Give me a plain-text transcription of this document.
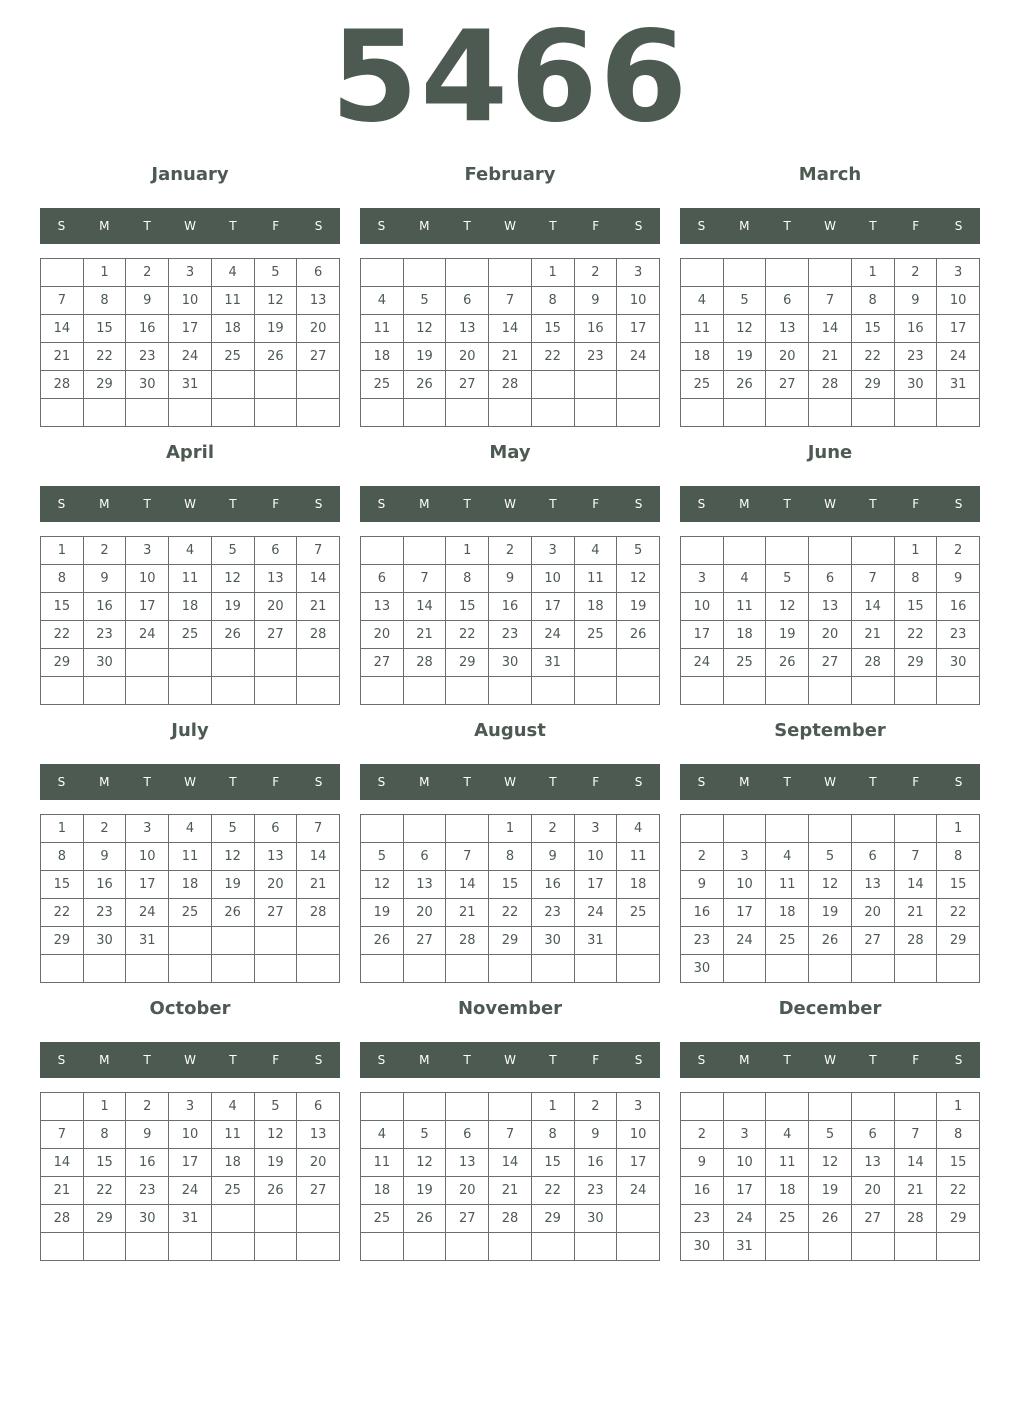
5466
January
S	M	T	W	T	F	S
	1	2	3	4	5	6
7	8	9	10	11	12	13
14	15	16	17	18	19	20
21	22	23	24	25	26	27
28	29	30	31			

February
S	M	T	W	T	F	S
				1	2	3
4	5	6	7	8	9	10
11	12	13	14	15	16	17
18	19	20	21	22	23	24
25	26	27	28			

March
S	M	T	W	T	F	S
				1	2	3
4	5	6	7	8	9	10
11	12	13	14	15	16	17
18	19	20	21	22	23	24
25	26	27	28	29	30	31

April
S	M	T	W	T	F	S
1	2	3	4	5	6	7
8	9	10	11	12	13	14
15	16	17	18	19	20	21
22	23	24	25	26	27	28
29	30					

May
S	M	T	W	T	F	S
		1	2	3	4	5
6	7	8	9	10	11	12
13	14	15	16	17	18	19
20	21	22	23	24	25	26
27	28	29	30	31		

June
S	M	T	W	T	F	S
					1	2
3	4	5	6	7	8	9
10	11	12	13	14	15	16
17	18	19	20	21	22	23
24	25	26	27	28	29	30

July
S	M	T	W	T	F	S
1	2	3	4	5	6	7
8	9	10	11	12	13	14
15	16	17	18	19	20	21
22	23	24	25	26	27	28
29	30	31				

August
S	M	T	W	T	F	S
			1	2	3	4
5	6	7	8	9	10	11
12	13	14	15	16	17	18
19	20	21	22	23	24	25
26	27	28	29	30	31	

September
S	M	T	W	T	F	S
						1
2	3	4	5	6	7	8
9	10	11	12	13	14	15
16	17	18	19	20	21	22
23	24	25	26	27	28	29
30						
October
S	M	T	W	T	F	S
	1	2	3	4	5	6
7	8	9	10	11	12	13
14	15	16	17	18	19	20
21	22	23	24	25	26	27
28	29	30	31			

November
S	M	T	W	T	F	S
				1	2	3
4	5	6	7	8	9	10
11	12	13	14	15	16	17
18	19	20	21	22	23	24
25	26	27	28	29	30	

December
S	M	T	W	T	F	S
						1
2	3	4	5	6	7	8
9	10	11	12	13	14	15
16	17	18	19	20	21	22
23	24	25	26	27	28	29
30	31					
